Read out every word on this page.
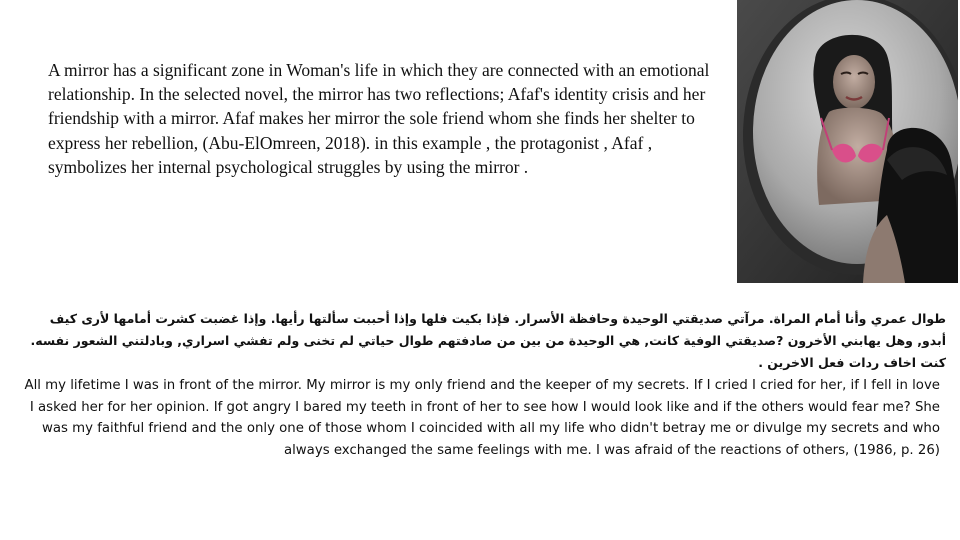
A mirror has a significant zone in Woman's life in which they are connected with an emotional relationship. In the selected novel, the mirror has two reflections; Afaf's identity crisis and her friendship with a mirror. Afaf makes her mirror the sole friend whom she finds her shelter to express her rebellion, (Abu-ElOmreen, 2018). in this example , the protagonist , Afaf , symbolizes her internal psychological struggles by using the mirror .

طوال عمري وأنا أمام المراة. مرآتي صديقتي الوحيدة وحافظة الأسرار. فإذا بكيت فلها وإذا أحببت سألتها رأيها. وإذا غضبت كشرت أمامها لأرى كيف أبدو, وهل يهابني الأخرون ?صديقتي الوفية كانت, هي الوحيدة من بين من صادفتهم طوال حياتي لم تخنى ولم تفشي اسراري, وبادلتني الشعور نفسه. كنت اخاف ردات فعل الاخرين .

All my lifetime I was in front of the mirror. My mirror is my only friend and the keeper of my secrets. If I cried I cried for her, if I fell in love I asked her for her opinion. If got angry I bared my teeth in front of her to see how I would look like and if the others would fear me? She was my faithful friend and the only one of those whom I coincided with all my life who didn't betray me or divulge my secrets and who always exchanged the same feelings with me. I was afraid of the reactions of others, (1986, p. 26)
